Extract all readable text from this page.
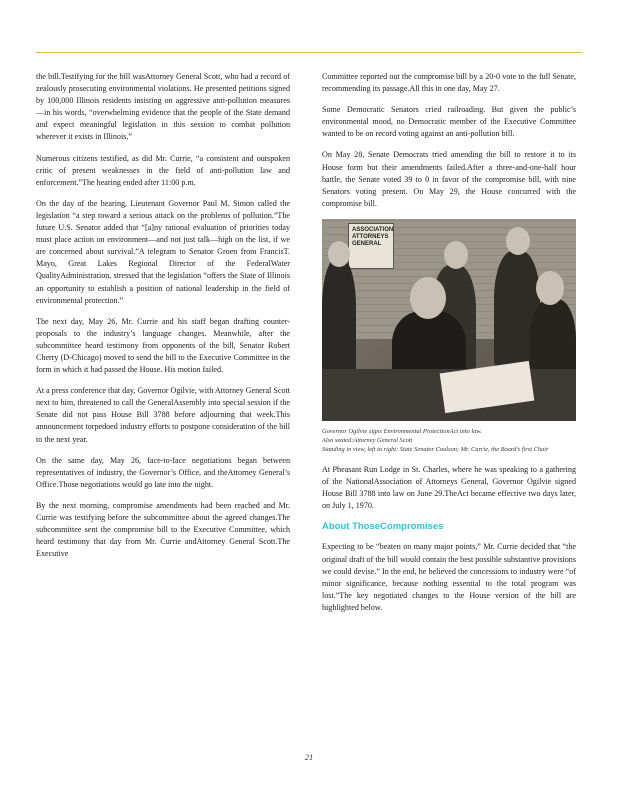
the bill.Testifying for the bill wasAttorney General Scott, who had a record of zealously prosecuting environmental violations. He presented petitions signed by 100,000 Illinois residents insisting on aggressive anti-pollution measures—in his words, “overwhelming evidence that the people of the State demand and expect meaningful legislation in this session to combat pollution wherever it exists in Illinois.”

Numerous citizens testified, as did Mr. Currie, “a consistent and outspoken critic of present weaknesses in the field of anti-pollution law and enforcement.”The hearing ended after 11:00 p.m.

On the day of the hearing, Lieutenant Governor Paul M. Simon called the legislation “a step toward a serious attack on the problems of pollution.”The future U.S. Senator added that “[a]ny rational evaluation of priorities today must place action on environment—and not just talk—high on the list, if we are concerned about survival.”A telegram to Senator Groen from FrancisT. Mayo, Great Lakes Regional Director of the FederalWater QualityAdministration, stressed that the legislation “offers the State of Illinois an opportunity to establish a position of national leadership in the field of environmental protection.”

The next day, May 26, Mr. Currie and his staff began drafting counter-proposals to the industry’s language changes. Meanwhile, after the subcommittee heard testimony from opponents of the bill, Senator Robert Cherry (D-Chicago) moved to send the bill to the Executive Committee in the form in which it had passed the House. His motion failed.

At a press conference that day, Governor Ogilvie, with Attorney General Scott next to him, threatened to call the GeneralAssembly into special session if the Senate did not pass House Bill 3788 before adjourning that week.This announcement torpedoed industry efforts to postpone consideration of the bill to the next year.

On the same day, May 26, face-to-face negotiations began between representatives of industry, the Governor’s Office, and theAttorney General’s Office.Those negotiations would go late into the night.

By the next morning, compromise amendments had been reached and Mr. Currie was testifying before the subcommittee about the agreed changes.The subcommittee sent the compromise bill to the Executive Committee, which heard testimony that day from Mr. Currie andAttorney General Scott.The Executive

Committee reported out the compromise bill by a 20-0 vote to the full Senate, recommending its passage.All this in one day, May 27.

Some Democratic Senators cried railroading. But given the public’s environmental mood, no Democratic member of the Executive Committee wanted to be on record voting against an anti-pollution bill.

On May 28, Senate Democrats tried amending the bill to restore it to its House form but their amendments failed.After a three-and-one-half hour battle, the Senate voted 39 to 0 in favor of the compromise bill, with nine Senators voting present. On May 29, the House concurred with the compromise bill.

ASSOCIATION
ATTORNEYS
GENERAL
Governor Ogilvie signs Environmental ProtectionAct into law.
Also seated:Attorney General Scott
Standing in view, left to right: State Senator Coulson; Mr. Currie, the Board’s first Chair

At Pheasant Run Lodge in St. Charles, where he was speaking to a gathering of the NationalAssociation of Attorneys General, Governor Ogilvie signed House Bill 3788 into law on June 29.TheAct became effective two days later, on July 1, 1970.

About ThoseCompromises

Expecting to be “beaten on many major points,” Mr. Currie decided that “the original draft of the bill would contain the best possible substantive provisions we could devise.” In the end, he believed the concessions to industry were “of minor significance, because nothing essential to the total program was lost.”The key negotiated changes to the House version of the bill are highlighted below.

21
